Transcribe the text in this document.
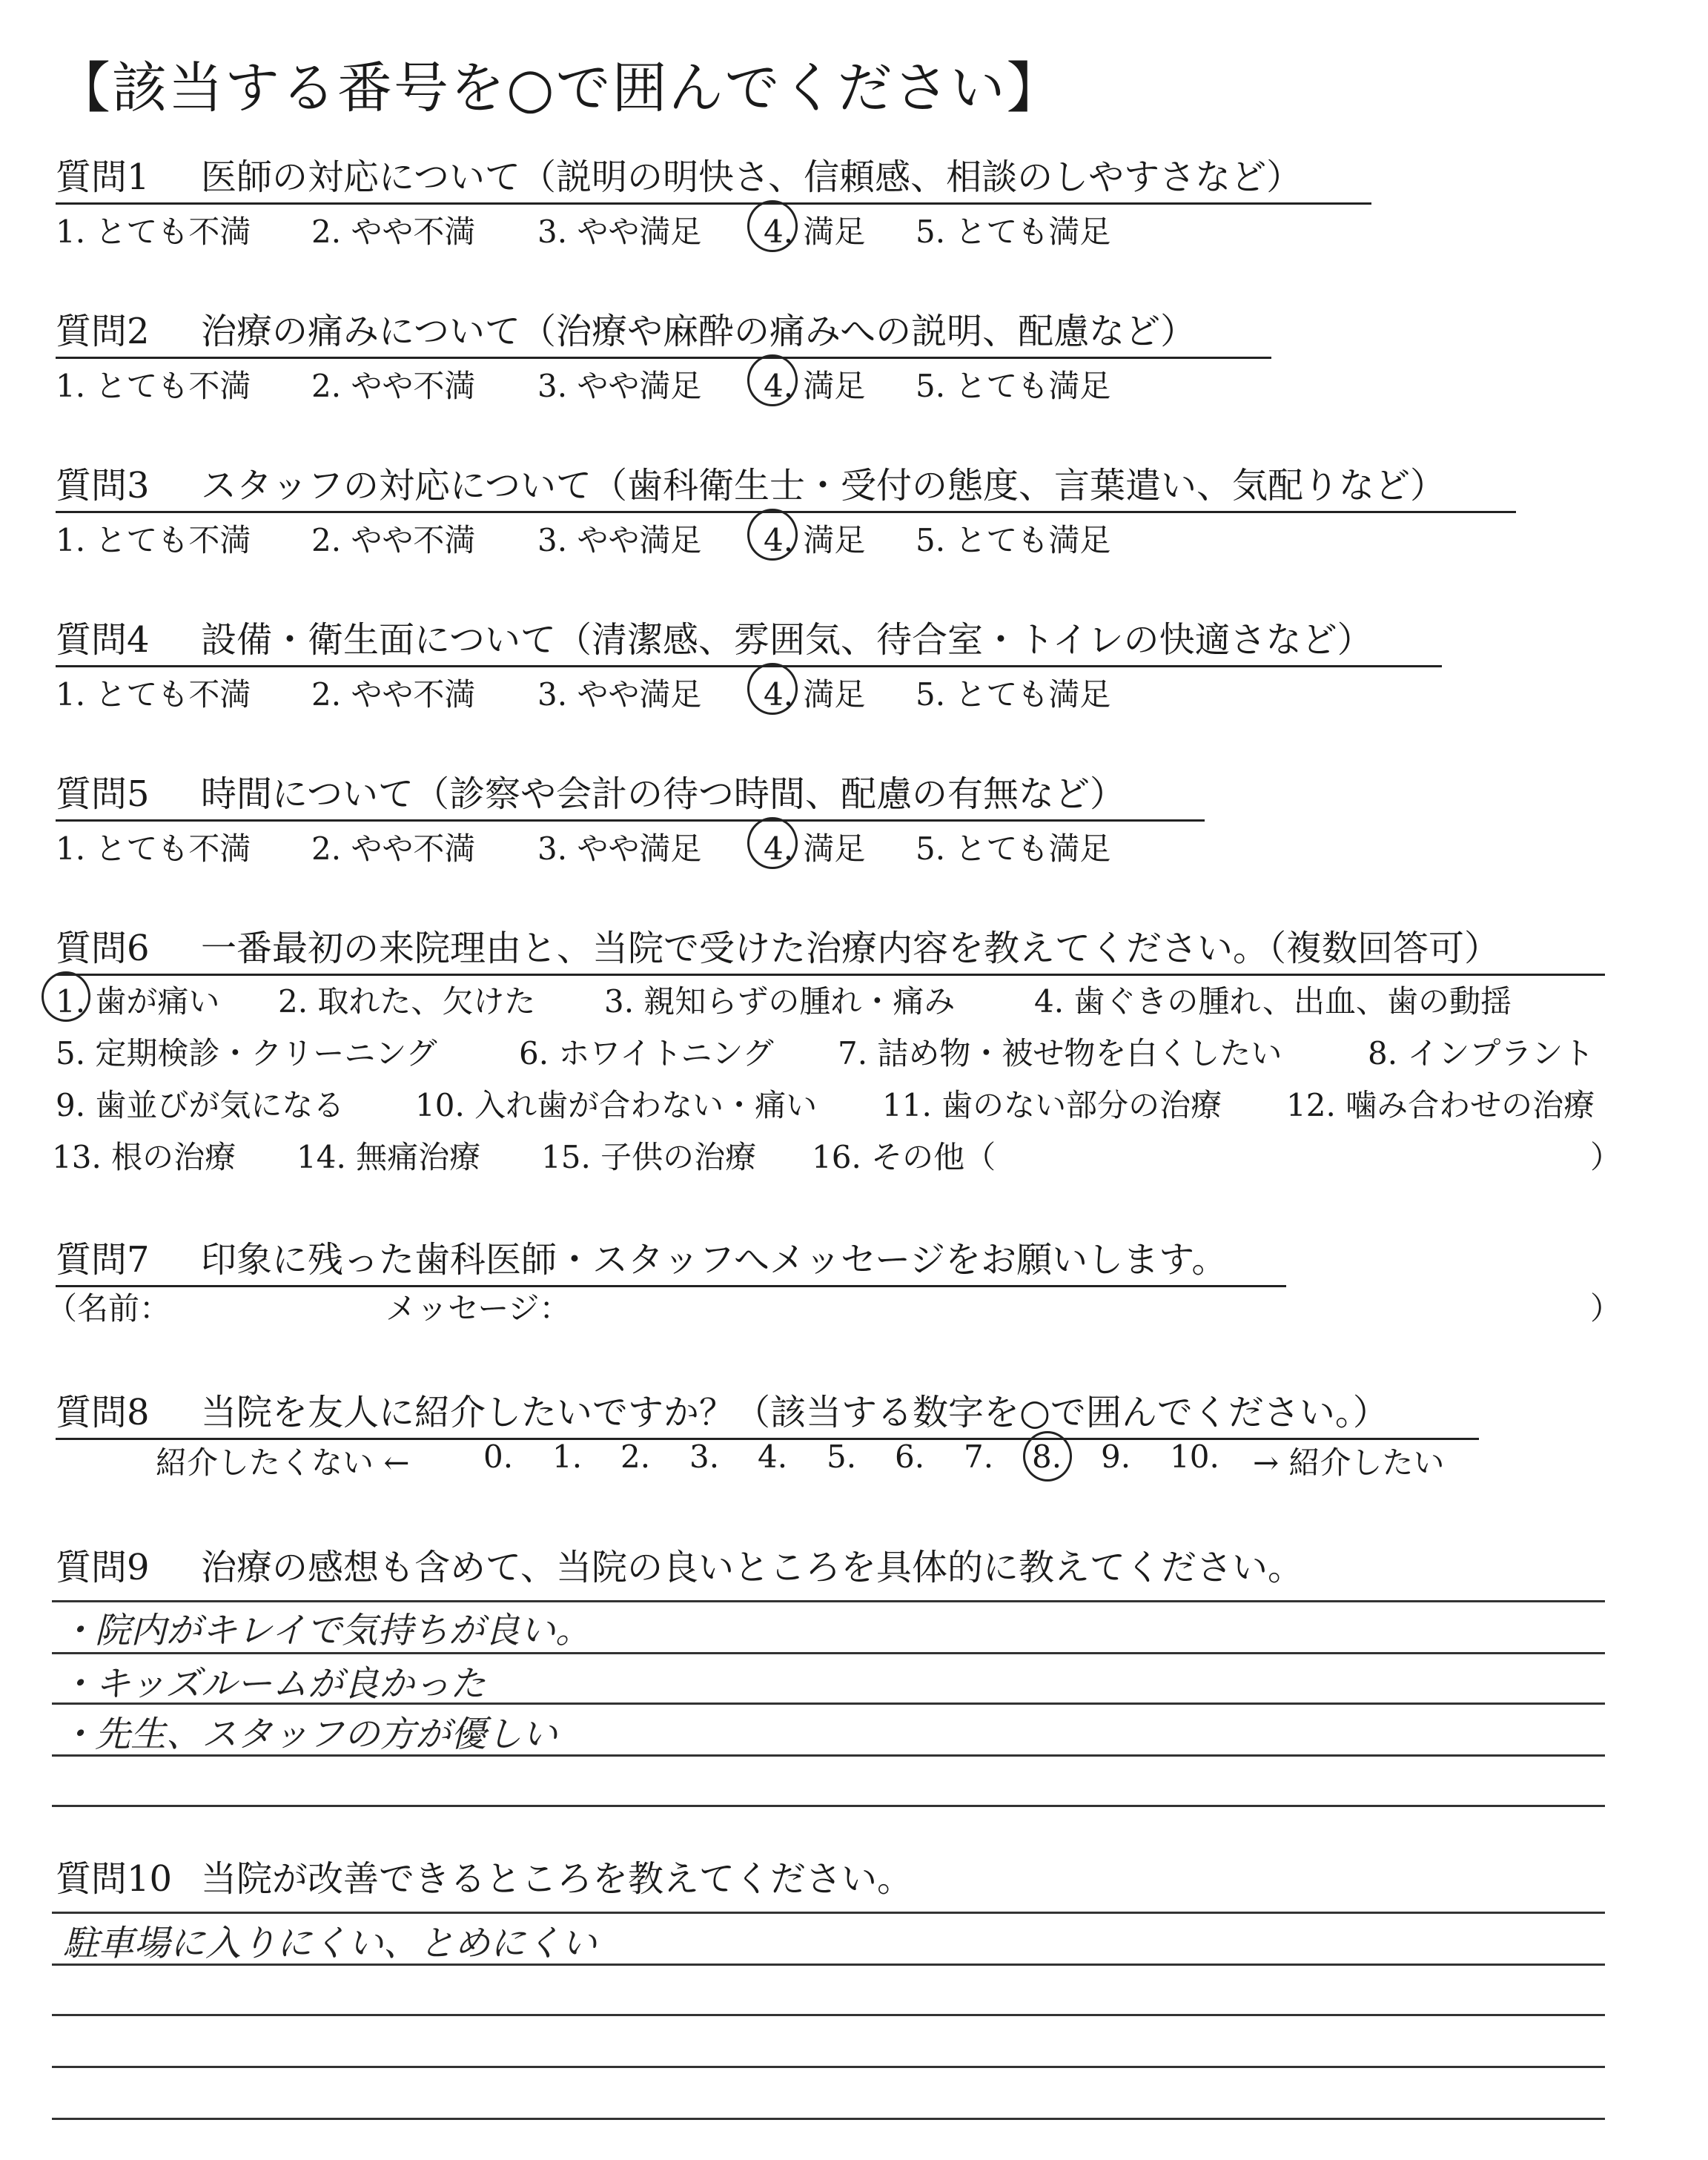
【該当する番号を○で囲んでください】
質問1 医師の対応について（説明の明快さ、信頼感、相談のしやすさなど）
1. とても不満 2. やや不満 3. やや満足 4. 満足 5. とても満足
質問2 治療の痛みについて（治療や麻酔の痛みへの説明、配慮など）
1. とても不満 2. やや不満 3. やや満足 4. 満足 5. とても満足
質問3 スタッフの対応について（歯科衛生士・受付の態度、言葉遣い、気配りなど）
1. とても不満 2. やや不満 3. やや満足 4. 満足 5. とても満足
質問4 設備・衛生面について（清潔感、雰囲気、待合室・トイレの快適さなど）
1. とても不満 2. やや不満 3. やや満足 4. 満足 5. とても満足
質問5 時間について（診察や会計の待つ時間、配慮の有無など）
1. とても不満 2. やや不満 3. やや満足 4. 満足 5. とても満足
質問6 一番最初の来院理由と、当院で受けた治療内容を教えてください。（複数回答可）
1. 歯が痛い 2. 取れた、欠けた 3. 親知らずの腫れ・痛み	4. 歯ぐきの腫れ、出血、歯の動揺
5. 定期検診・クリーニング	6. ホワイトニング 7. 詰め物・被せ物を白くしたい	8. インプラント
9. 歯並びが気になる 10. 入れ歯が合わない・痛い 11. 歯のない部分の治療 12. 噛み合わせの治療
13. 根の治療 14. 無痛治療 15. 子供の治療 16. その他（	）
質問7 印象に残った歯科医師・スタッフへメッセージをお願いします。
（名前：	メッセージ：	）
質問8 当院を友人に紹介したいですか？（該当する数字を○で囲んでください。）
紹介したくない ← 0. 1. 2. 3. 4. 5. 6. 7. 8. 9. 10. → 紹介したい
質問9 治療の感想も含めて、当院の良いところを具体的に教えてください。
・院内がキレイで気持ちが良い。
・キッズルームが良かった
・先生、スタッフの方が優しい
質問10 当院が改善できるところを教えてください。
駐車場に入りにくい、とめにくい
